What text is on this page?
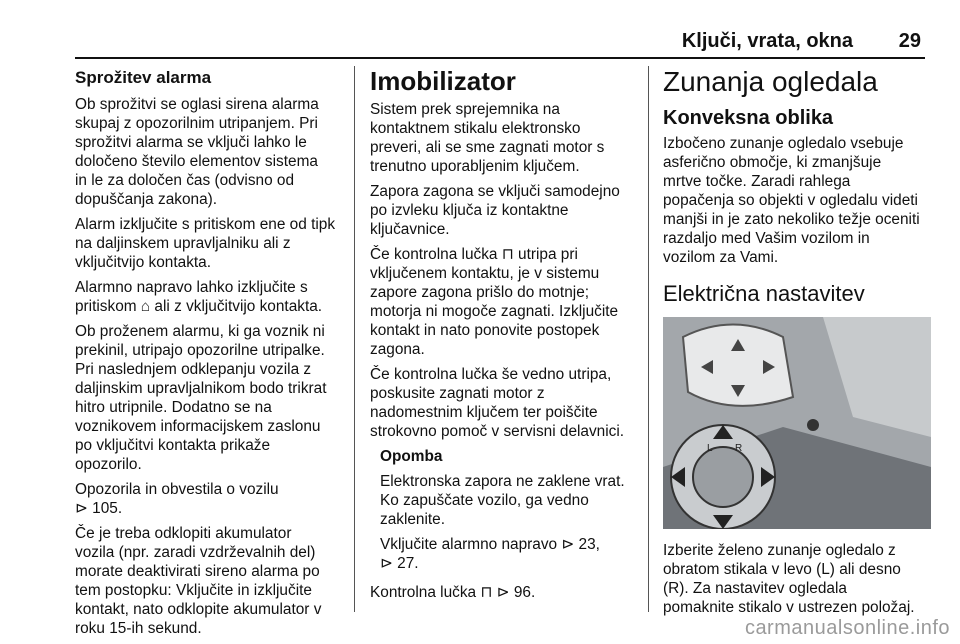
Ključi, vrata, okna 29
Sprožitev alarma

Ob sprožitvi se oglasi sirena alarma
skupaj z opozorilnim utripanjem. Pri
sprožitvi alarma se vključi lahko le
določeno število elementov sistema
in le za določen čas (odvisno od
dopuščanja zakona).

Alarm izključite s pritiskom ene od tipk
na daljinskem upravljalniku ali z
vključitvijo kontakta.

Alarmno napravo lahko izključite s
pritiskom ⌂ ali z vključitvijo kontakta.

Ob proženem alarmu, ki ga voznik ni
prekinil, utripajo opozorilne utripalke.
Pri naslednjem odklepanju vozila z
daljinskim upravljalnikom bodo trikrat
hitro utripnile. Dodatno se na
voznikovem informacijskem zaslonu
po vključitvi kontakta prikaže
opozorilo.

Opozorila in obvestila o vozilu
⊳ 105.

Če je treba odklopiti akumulator
vozila (npr. zaradi vzdrževalnih del)
morate deaktivirati sireno alarma po
tem postopku: Vključite in izključite
kontakt, nato odklopite akumulator v
roku 15-ih sekund.

Imobilizator

Sistem prek sprejemnika na
kontaktnem stikalu elektronsko
preveri, ali se sme zagnati motor s
trenutno uporabljenim ključem.

Zapora zagona se vključi samodejno
po izvleku ključa iz kontaktne
ključavnice.

Če kontrolna lučka ⊓ utripa pri
vključenem kontaktu, je v sistemu
zapore zagona prišlo do motnje;
motorja ni mogoče zagnati. Izključite
kontakt in nato ponovite postopek
zagona.

Če kontrolna lučka še vedno utripa,
poskusite zagnati motor z
nadomestnim ključem ter poiščite
strokovno pomoč v servisni delavnici.

Opomba

Elektronska zapora ne zaklene vrat.
Ko zapuščate vozilo, ga vedno
zaklenite.

Vključite alarmno napravo ⊳ 23,
⊳ 27.

Kontrolna lučka ⊓ ⊳ 96.

Zunanja ogledala
Konveksna oblika

Izbočeno zunanje ogledalo vsebuje
asferično območje, ki zmanjšuje
mrtve točke. Zaradi rahlega
popačenja so objekti v ogledalu videti
manjši in je zato nekoliko težje oceniti
razdaljo med Vašim vozilom in
vozilom za Vami.

Električna nastavitev
L R

Izberite želeno zunanje ogledalo z
obratom stikala v levo (L) ali desno
(R). Za nastavitev ogledala
pomaknite stikalo v ustrezen položaj.

carmanualsonline.info
